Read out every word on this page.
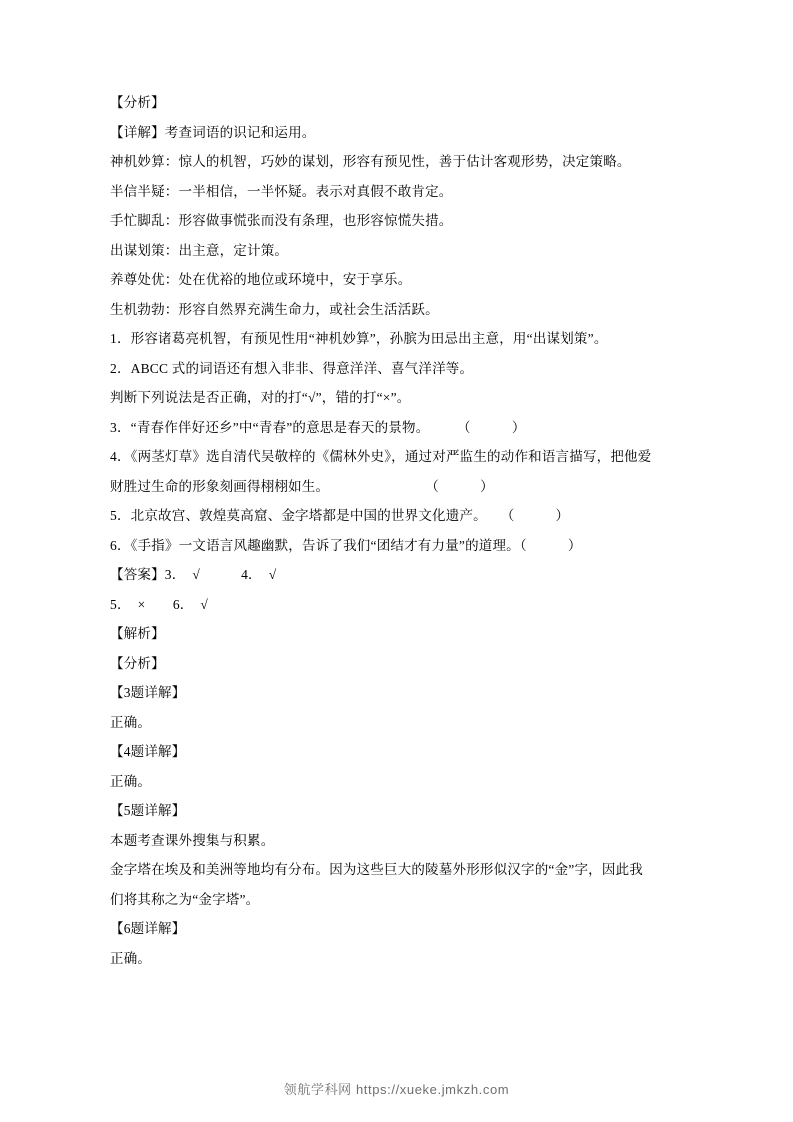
【分析】
【详解】考查词语的识记和运用。
神机妙算：惊人的机智，巧妙的谋划，形容有预见性，善于估计客观形势，决定策略。
半信半疑：一半相信，一半怀疑。表示对真假不敢肯定。
手忙脚乱：形容做事慌张而没有条理，也形容惊慌失措。
出谋划策：出主意，定计策。
养尊处优：处在优裕的地位或环境中，安于享乐。
生机勃勃：形容自然界充满生命力，或社会生活活跃。
1．形容诸葛亮机智，有预见性用“神机妙算”，孙膑为田忌出主意，用“出谋划策”。
2．ABCC 式的词语还有想入非非、得意洋洋、喜气洋洋等。
判断下列说法是否正确，对的打“√”，错的打“×”。
3．“青春作伴好还乡”中“青春”的意思是春天的景物。　　　（　　　）
4．《两茎灯草》选自清代吴敬梓的《儒林外史》，通过对严监生的动作和语言描写，把他爱
财胜过生命的形象刻画得栩栩如生。　　　　　　　　（　　　）
5．北京故宫、敦煌莫高窟、金字塔都是中国的世界文化遗产。　　（　　　）
6．《手指》一文语言风趣幽默，告诉了我们“团结才有力量”的道理。（　　　）
【答案】3．　√　　　4．　√
5．　×　　6．　√
【解析】
【分析】
【3题详解】
正确。
【4题详解】
正确。
【5题详解】
本题考查课外搜集与积累。
金字塔在埃及和美洲等地均有分布。因为这些巨大的陵墓外形形似汉字的“金”字，因此我
们将其称之为“金字塔”。
【6题详解】
正确。
领航学科网 https://xueke.jmkzh.com
